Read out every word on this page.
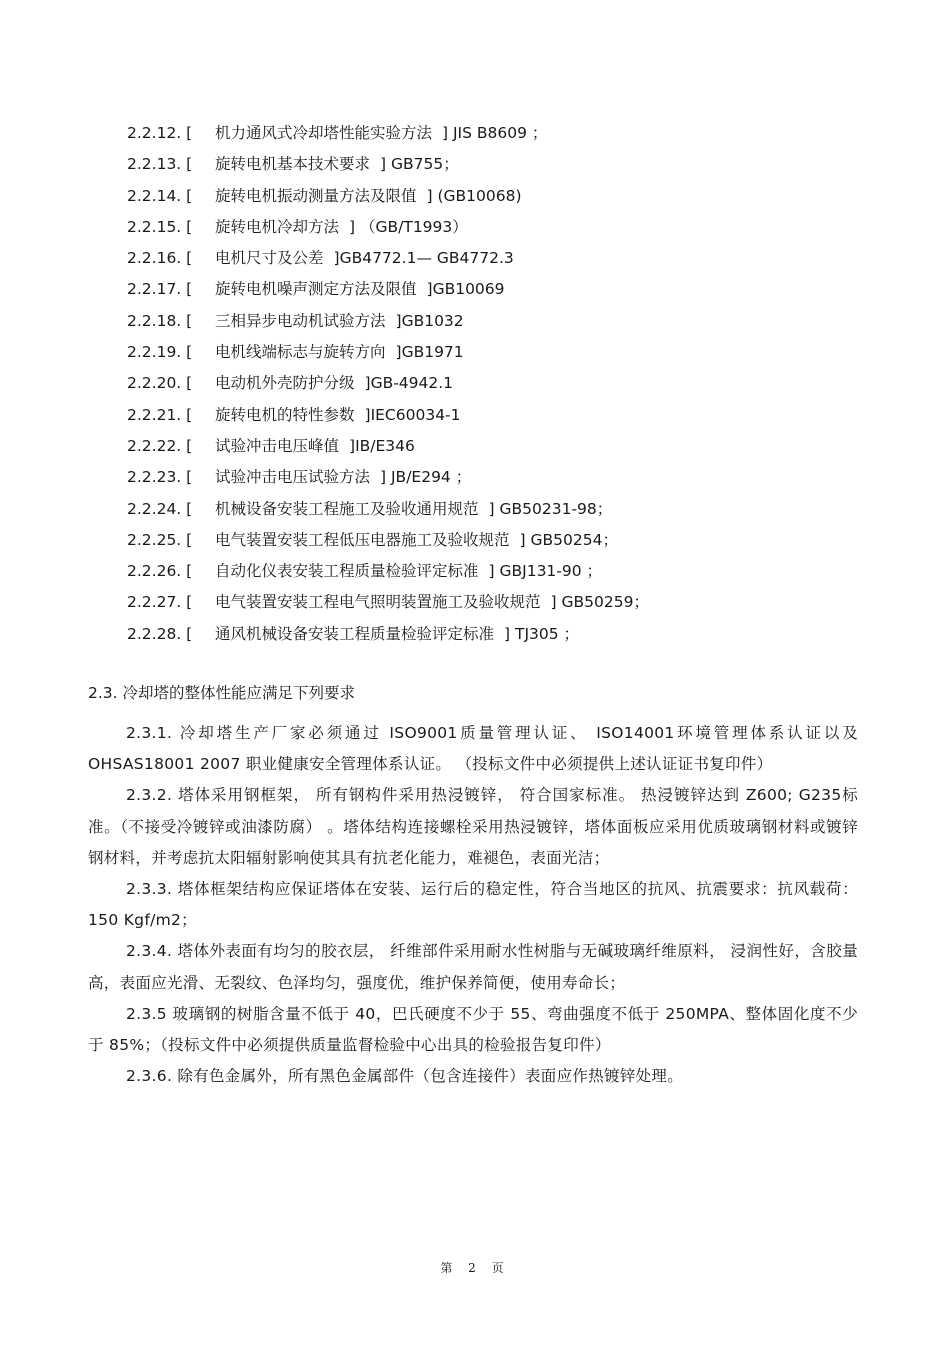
2.2.12. [ 机力通风式冷却塔性能实验方法 ] JIS B8609 ；
2.2.13. [ 旋转电机基本技术要求 ] GB755；
2.2.14. [ 旋转电机振动测量方法及限值 ] (GB10068)
2.2.15. [ 旋转电机冷却方法 ] （GB/T1993）
2.2.16. [ 电机尺寸及公差 ]GB4772.1— GB4772.3
2.2.17. [ 旋转电机噪声测定方法及限值 ]GB10069
2.2.18. [ 三相异步电动机试验方法 ]GB1032
2.2.19. [ 电机线端标志与旋转方向 ]GB1971
2.2.20. [ 电动机外壳防护分级 ]GB-4942.1
2.2.21. [ 旋转电机的特性参数 ]IEC60034-1
2.2.22. [ 试验冲击电压峰值 ]IB/E346
2.2.23. [ 试验冲击电压试验方法 ] JB/E294 ；
2.2.24. [ 机械设备安装工程施工及验收通用规范 ] GB50231-98；
2.2.25. [ 电气装置安装工程低压电器施工及验收规范 ] GB50254；
2.2.26. [ 自动化仪表安装工程质量检验评定标准 ] GBJ131-90 ；
2.2.27. [ 电气装置安装工程电气照明装置施工及验收规范 ] GB50259；
2.2.28. [ 通风机械设备安装工程质量检验评定标准 ] TJ305 ；
2.3. 冷却塔的整体性能应满足下列要求

2.3.1. 冷却塔生产厂家必须通过 ISO9001质量管理认证、 ISO14001环境管理体系认证以及 OHSAS18001 2007 职业健康安全管理体系认证。 （投标文件中必须提供上述认证证书复印件）

2.3.2. 塔体采用钢框架， 所有钢构件采用热浸镀锌， 符合国家标准。 热浸镀锌达到 Z600; G235标准。（不接受冷镀锌或油漆防腐） 。塔体结构连接螺栓采用热浸镀锌，塔体面板应采用优质玻璃钢材料或镀锌钢材料，并考虑抗太阳辐射影响使其具有抗老化能力，难褪色，表面光洁；

2.3.3. 塔体框架结构应保证塔体在安装、运行后的稳定性，符合当地区的抗风、抗震要求：抗风载荷： 150 Kgf/m2；

2.3.4. 塔体外表面有均匀的胶衣层， 纤维部件采用耐水性树脂与无碱玻璃纤维原料， 浸润性好，含胶量高，表面应光滑、无裂纹、色泽均匀，强度优，维护保养简便，使用寿命长；

2.3.5 玻璃钢的树脂含量不低于 40，巴氏硬度不少于 55、弯曲强度不低于 250MPA、整体固化度不少于 85%；（投标文件中必须提供质量监督检验中心出具的检验报告复印件）

2.3.6. 除有色金属外，所有黑色金属部件（包含连接件）表面应作热镀锌处理。

第 2 页
